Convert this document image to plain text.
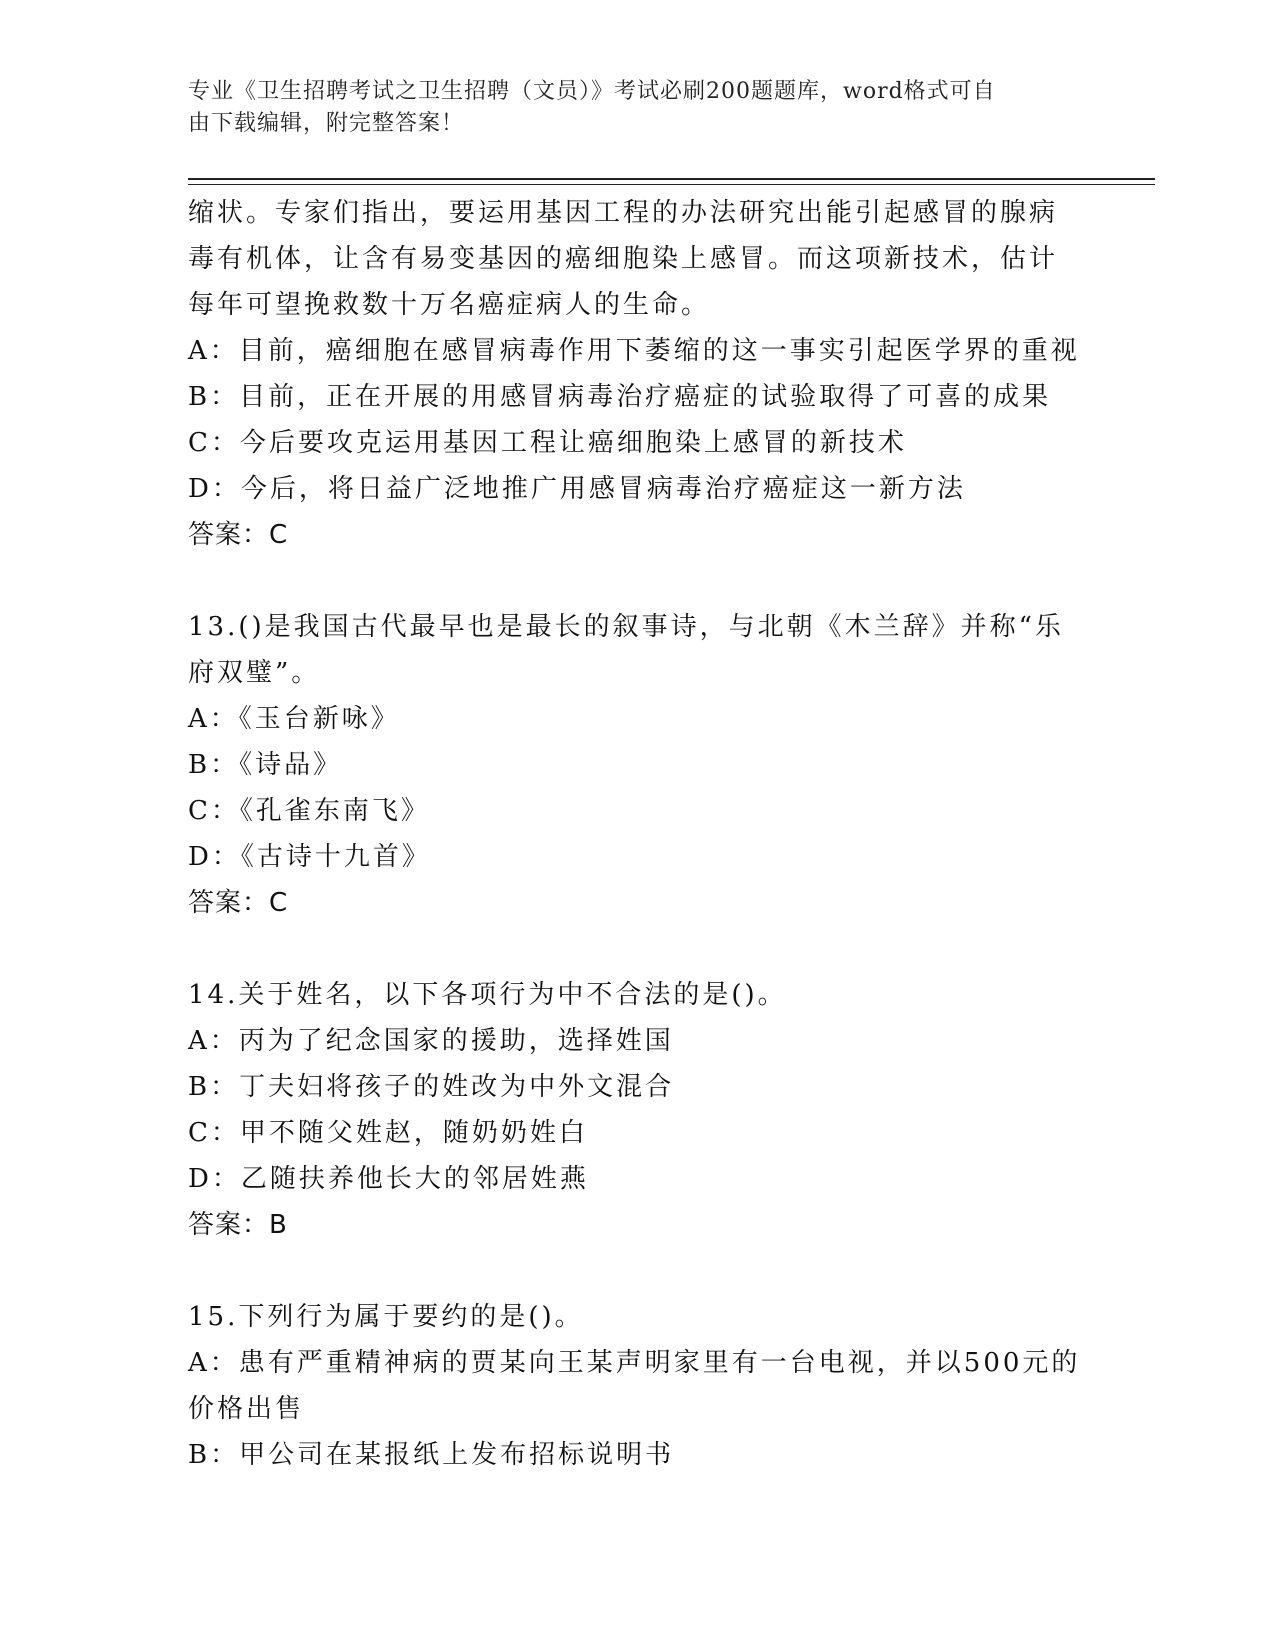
专业《卫生招聘考试之卫生招聘（文员）》考试必刷200题题库，word格式可自
由下载编辑，附完整答案！
缩状。专家们指出，要运用基因工程的办法研究出能引起感冒的腺病
毒有机体，让含有易变基因的癌细胞染上感冒。而这项新技术，估计
每年可望挽救数十万名癌症病人的生命。
A：目前，癌细胞在感冒病毒作用下萎缩的这一事实引起医学界的重视
B：目前，正在开展的用感冒病毒治疗癌症的试验取得了可喜的成果
C：今后要攻克运用基因工程让癌细胞染上感冒的新技术
D：今后，将日益广泛地推广用感冒病毒治疗癌症这一新方法
答案：C
13.()是我国古代最早也是最长的叙事诗，与北朝《木兰辞》并称“乐
府双璧”。
A：《玉台新咏》
B：《诗品》
C：《孔雀东南飞》
D：《古诗十九首》
答案：C
14.关于姓名，以下各项行为中不合法的是()。
A：丙为了纪念国家的援助，选择姓国
B：丁夫妇将孩子的姓改为中外文混合
C：甲不随父姓赵，随奶奶姓白
D：乙随扶养他长大的邻居姓燕
答案：B
15.下列行为属于要约的是()。
A：患有严重精神病的贾某向王某声明家里有一台电视，并以500元的
价格出售
B：甲公司在某报纸上发布招标说明书
